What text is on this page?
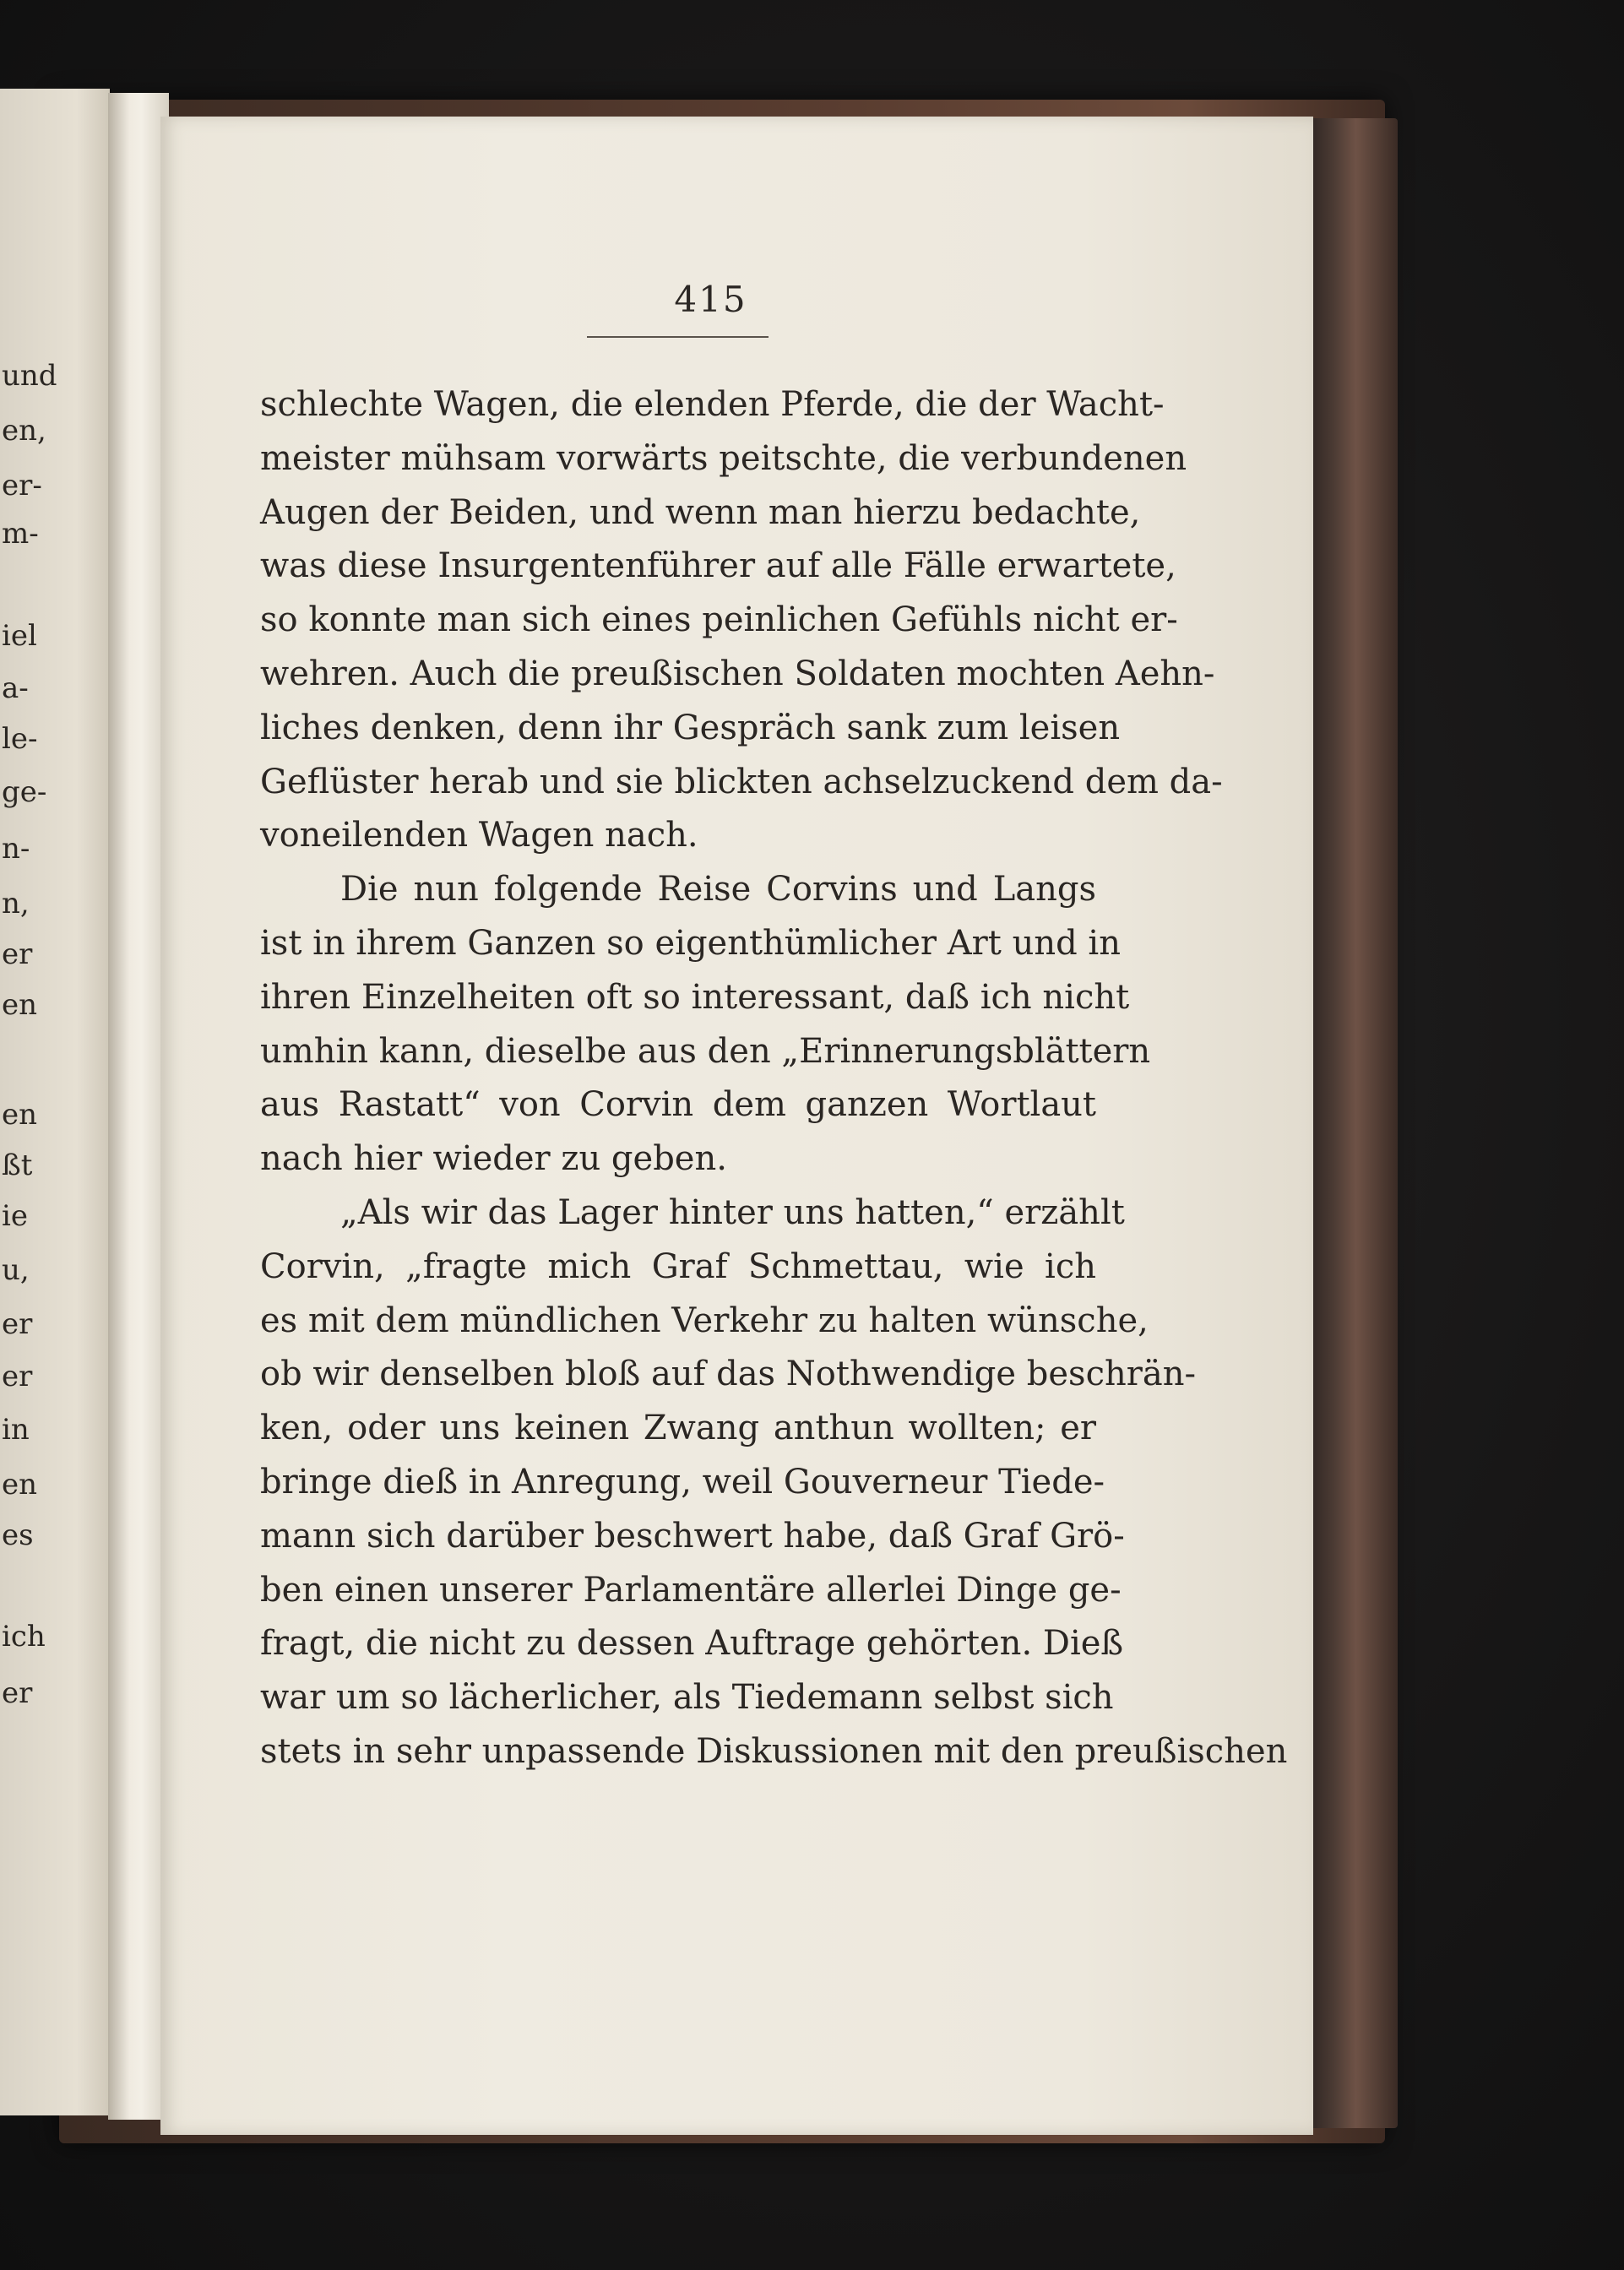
und
en,
er-
m-
iel
a-
le-
ge-
n-
n,
er
en
en
ßt
ie
u,
er
er
in
en
es
ich
er
415
schlechte Wagen, die elenden Pferde, die der Wacht-
meister mühsam vorwärts peitschte, die verbundenen
Augen der Beiden, und wenn man hierzu bedachte,
was diese Insurgentenführer auf alle Fälle erwartete,
so konnte man sich eines peinlichen Gefühls nicht er-
wehren. Auch die preußischen Soldaten mochten Aehn-
liches denken, denn ihr Gespräch sank zum leisen
Geflüster herab und sie blickten achselzuckend dem da-
voneilenden Wagen nach.
Die nun folgende Reise Corvins und Langs
ist in ihrem Ganzen so eigenthümlicher Art und in
ihren Einzelheiten oft so interessant, daß ich nicht
umhin kann, dieselbe aus den „Erinnerungsblättern
aus Rastatt“ von Corvin dem ganzen Wortlaut
nach hier wieder zu geben.
„Als wir das Lager hinter uns hatten,“ erzählt
Corvin, „fragte mich Graf Schmettau, wie ich
es mit dem mündlichen Verkehr zu halten wünsche,
ob wir denselben bloß auf das Nothwendige beschrän-
ken, oder uns keinen Zwang anthun wollten; er
bringe dieß in Anregung, weil Gouverneur Tiede-
mann sich darüber beschwert habe, daß Graf Grö-
ben einen unserer Parlamentäre allerlei Dinge ge-
fragt, die nicht zu dessen Auftrage gehörten. Dieß
war um so lächerlicher, als Tiedemann selbst sich
stets in sehr unpassende Diskussionen mit den preußischen
